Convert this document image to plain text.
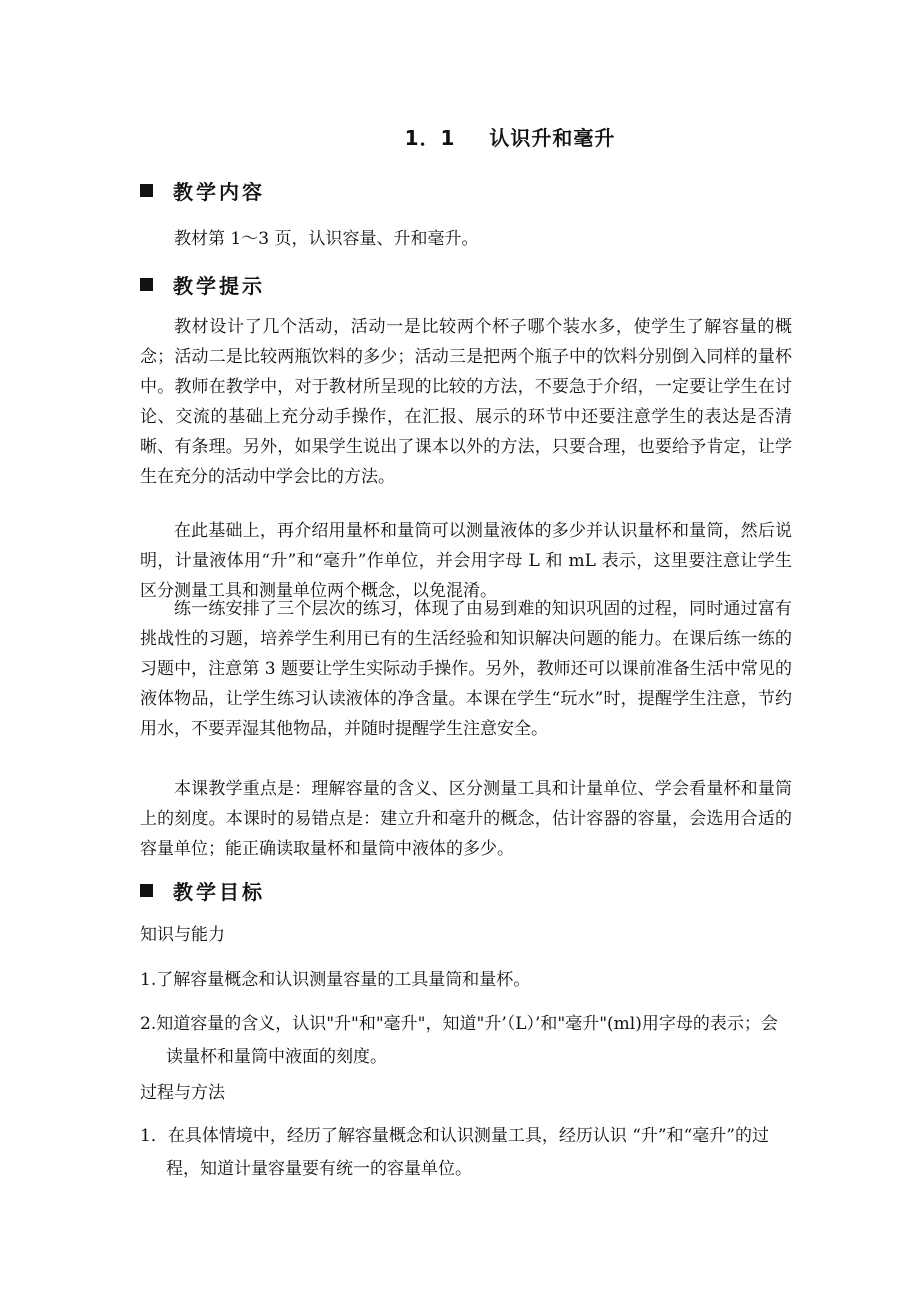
1．1 认识升和毫升
教学内容
教材第 1～3 页，认识容量、升和毫升。
教学提示
教材设计了几个活动，活动一是比较两个杯子哪个装水多，使学生了解容量的概念；活动二是比较两瓶饮料的多少；活动三是把两个瓶子中的饮料分别倒入同样的量杯中。教师在教学中，对于教材所呈现的比较的方法，不要急于介绍，一定要让学生在讨论、交流的基础上充分动手操作，在汇报、展示的环节中还要注意学生的表达是否清晰、有条理。另外，如果学生说出了课本以外的方法，只要合理，也要给予肯定，让学生在充分的活动中学会比的方法。
在此基础上，再介绍用量杯和量筒可以测量液体的多少并认识量杯和量筒，然后说明，计量液体用“升”和“毫升”作单位，并会用字母 L 和 mL 表示，这里要注意让学生区分测量工具和测量单位两个概念，以免混淆。
练一练安排了三个层次的练习，体现了由易到难的知识巩固的过程，同时通过富有挑战性的习题，培养学生利用已有的生活经验和知识解决问题的能力。在课后练一练的习题中，注意第 3 题要让学生实际动手操作。另外，教师还可以课前准备生活中常见的液体物品，让学生练习认读液体的净含量。本课在学生“玩水”时，提醒学生注意，节约用水，不要弄湿其他物品，并随时提醒学生注意安全。
本课教学重点是：理解容量的含义、区分测量工具和计量单位、学会看量杯和量筒上的刻度。本课时的易错点是：建立升和毫升的概念，估计容器的容量，会选用合适的容量单位；能正确读取量杯和量筒中液体的多少。
教学目标
知识与能力
1.了解容量概念和认识测量容量的工具量筒和量杯。
2.知道容量的含义，认识"升"和"毫升"，知道"升’（L）’和"毫升"(ml)用字母的表示；会读量杯和量筒中液面的刻度。
过程与方法
1．在具体情境中，经历了解容量概念和认识测量工具，经历认识 “升”和“毫升”的过程，知道计量容量要有统一的容量单位。
